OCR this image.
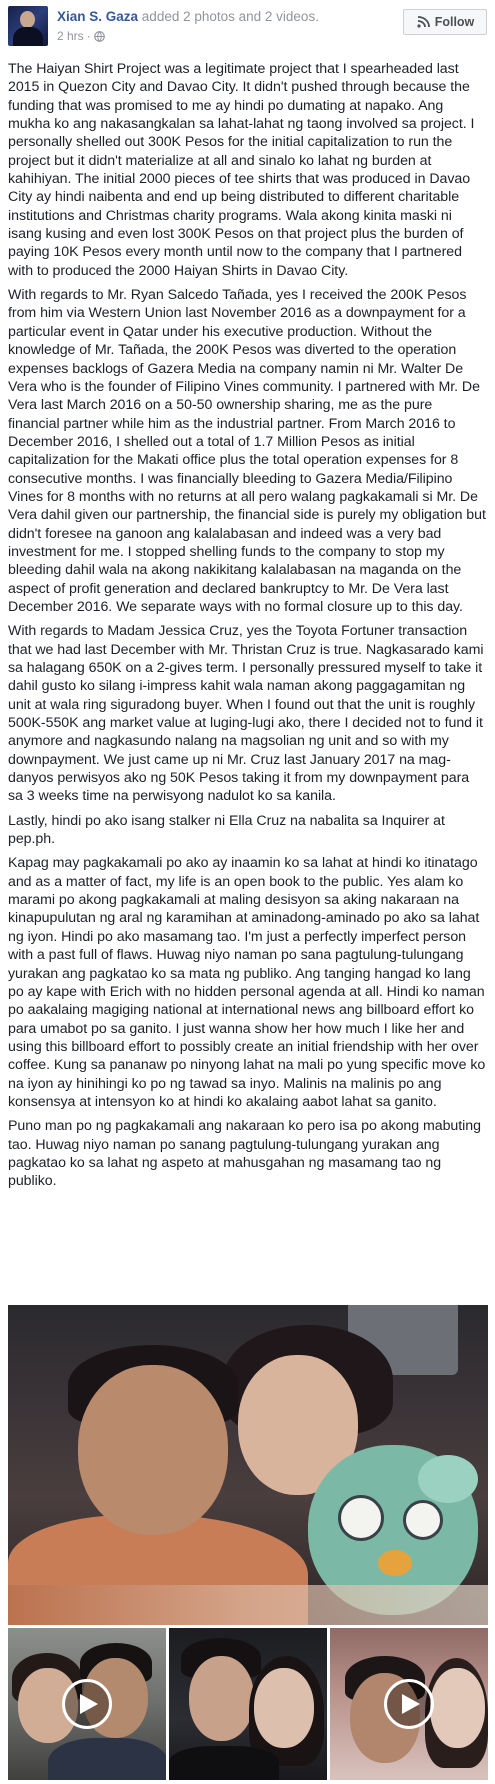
Xian S. Gaza added 2 photos and 2 videos.
2 hrs ·
Follow

The Haiyan Shirt Project was a legitimate project that I spearheaded last 2015 in Quezon City and Davao City. It didn't pushed through because the funding that was promised to me ay hindi po dumating at napako. Ang mukha ko ang nakasangkalan sa lahat-lahat ng taong involved sa project. I personally shelled out 300K Pesos for the initial capitalization to run the project but it didn't materialize at all and sinalo ko lahat ng burden at kahihiyan. The initial 2000 pieces of tee shirts that was produced in Davao City ay hindi naibenta and end up being distributed to different charitable institutions and Christmas charity programs. Wala akong kinita maski ni isang kusing and even lost 300K Pesos on that project plus the burden of paying 10K Pesos every month until now to the company that I partnered with to produced the 2000 Haiyan Shirts in Davao City.

With regards to Mr. Ryan Salcedo Tañada, yes I received the 200K Pesos from him via Western Union last November 2016 as a downpayment for a particular event in Qatar under his executive production. Without the knowledge of Mr. Tañada, the 200K Pesos was diverted to the operation expenses backlogs of Gazera Media na company namin ni Mr. Walter De Vera who is the founder of Filipino Vines community. I partnered with Mr. De Vera last March 2016 on a 50-50 ownership sharing, me as the pure financial partner while him as the industrial partner. From March 2016 to December 2016, I shelled out a total of 1.7 Million Pesos as initial capitalization for the Makati office plus the total operation expenses for 8 consecutive months. I was financially bleeding to Gazera Media/Filipino Vines for 8 months with no returns at all pero walang pagkakamali si Mr. De Vera dahil given our partnership, the financial side is purely my obligation but didn't foresee na ganoon ang kalalabasan and indeed was a very bad investment for me. I stopped shelling funds to the company to stop my bleeding dahil wala na akong nakikitang kalalabasan na maganda on the aspect of profit generation and declared bankruptcy to Mr. De Vera last December 2016. We separate ways with no formal closure up to this day.

With regards to Madam Jessica Cruz, yes the Toyota Fortuner transaction that we had last December with Mr. Thristan Cruz is true. Nagkasarado kami sa halagang 650K on a 2-gives term. I personally pressured myself to take it dahil gusto ko silang i-impress kahit wala naman akong paggagamitan ng unit at wala ring siguradong buyer. When I found out that the unit is roughly 500K-550K ang market value at luging-lugi ako, there I decided not to fund it anymore and nagkasundo nalang na magsolian ng unit and so with my downpayment. We just came up ni Mr. Cruz last January 2017 na mag-danyos perwisyos ako ng 50K Pesos taking it from my downpayment para sa 3 weeks time na perwisyong nadulot ko sa kanila.

Lastly, hindi po ako isang stalker ni Ella Cruz na nabalita sa Inquirer at pep.ph.

Kapag may pagkakamali po ako ay inaamin ko sa lahat at hindi ko itinatago and as a matter of fact, my life is an open book to the public. Yes alam ko marami po akong pagkakamali at maling desisyon sa aking nakaraan na kinapupulutan ng aral ng karamihan at aminadong-aminado po ako sa lahat ng iyon. Hindi po ako masamang tao. I'm just a perfectly imperfect person with a past full of flaws. Huwag niyo naman po sana pagtulung-tulungang yurakan ang pagkatao ko sa mata ng publiko. Ang tanging hangad ko lang po ay kape with Erich with no hidden personal agenda at all. Hindi ko naman po aakalaing magiging national at international news ang billboard effort ko para umabot po sa ganito. I just wanna show her how much I like her and using this billboard effort to possibly create an initial friendship with her over coffee. Kung sa pananaw po ninyong lahat na mali po yung specific move ko na iyon ay hinihingi ko po ng tawad sa inyo. Malinis na malinis po ang konsensya at intensyon ko at hindi ko akalaing aabot lahat sa ganito.

Puno man po ng pagkakamali ang nakaraan ko pero isa po akong mabuting tao. Huwag niyo naman po sanang pagtulung-tulungang yurakan ang pagkatao ko sa lahat ng aspeto at mahusgahan ng masamang tao ng publiko.
